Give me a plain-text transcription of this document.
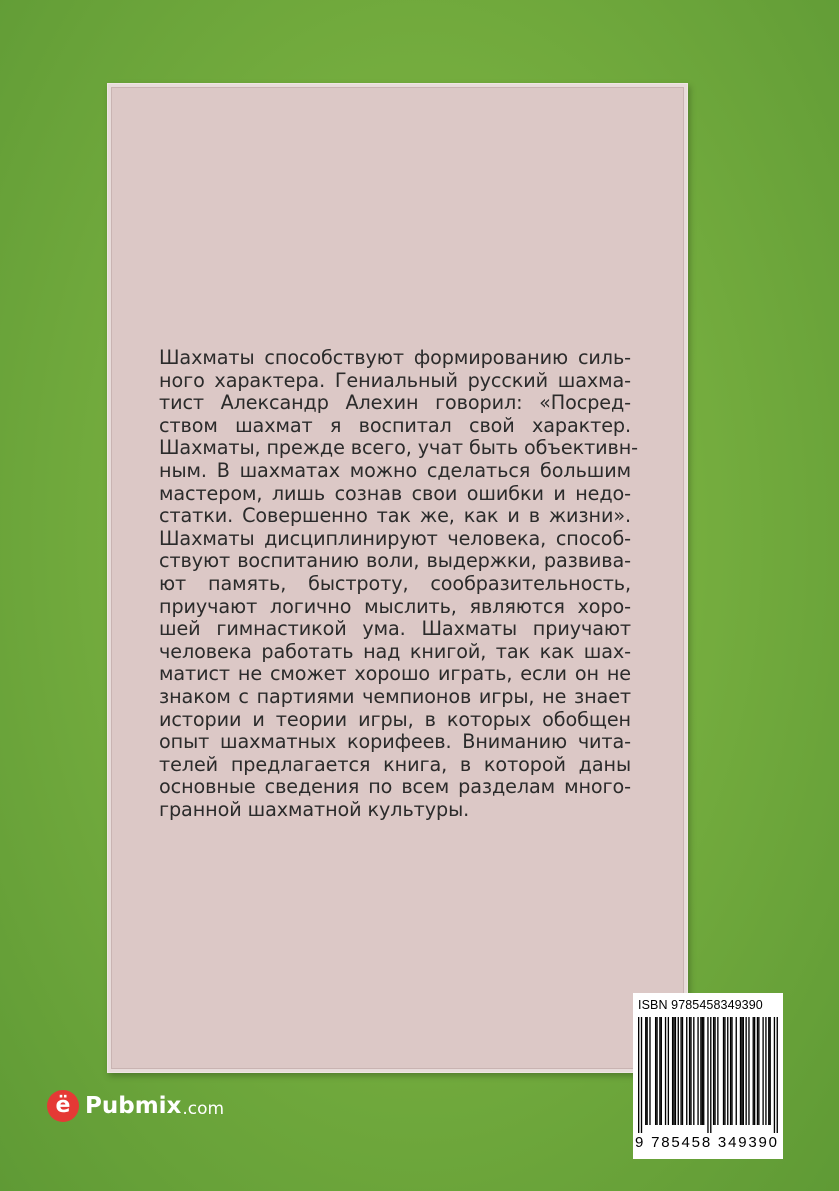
Шахматы способствуют формированию силь-
ного характера. Гениальный русский шахма-
тист Александр Алехин говорил: «Посред-
ством шахмат я воспитал свой характер.
Шахматы, прежде всего, учат быть объективн-
ным. В шахматах можно сделаться большим
мастером, лишь сознав свои ошибки и недо-
статки. Совершенно так же, как и в жизни».
Шахматы дисциплинируют человека, способ-
ствуют воспитанию воли, выдержки, развива-
ют память, быстроту, сообразительность,
приучают логично мыслить, являются хоро-
шей гимнастикой ума. Шахматы приучают
человека работать над книгой, так как шах-
матист не сможет хорошо играть, если он не
знаком с партиями чемпионов игры, не знает
истории и теории игры, в которых обобщен
опыт шахматных корифеев. Вниманию чита-
телей предлагается книга, в которой даны
основные сведения по всем разделам много-
гранной шахматной культуры.
ё Pubmix .com
ISBN 9785458349390
9 785458 349390
